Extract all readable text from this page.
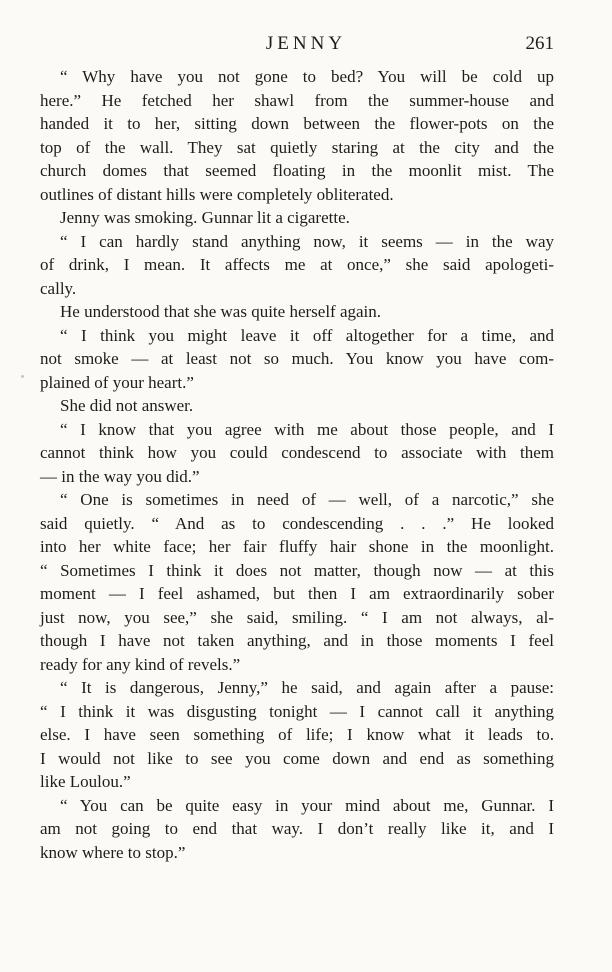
JENNY	261
“ Why have you not gone to bed? You will be cold up
here.” He fetched her shawl from the summer-house and
handed it to her, sitting down between the flower-pots on the
top of the wall. They sat quietly staring at the city and the
church domes that seemed floating in the moonlit mist. The
outlines of distant hills were completely obliterated.
Jenny was smoking. Gunnar lit a cigarette.
“ I can hardly stand anything now, it seems — in the way
of drink, I mean. It affects me at once,” she said apologeti-
cally.
He understood that she was quite herself again.
“ I think you might leave it off altogether for a time, and
not smoke — at least not so much. You know you have com-
plained of your heart.”
She did not answer.
“ I know that you agree with me about those people, and I
cannot think how you could condescend to associate with them
— in the way you did.”
“ One is sometimes in need of — well, of a narcotic,” she
said quietly. “ And as to condescending . . .” He looked
into her white face; her fair fluffy hair shone in the moonlight.
“ Sometimes I think it does not matter, though now — at this
moment — I feel ashamed, but then I am extraordinarily sober
just now, you see,” she said, smiling. “ I am not always, al-
though I have not taken anything, and in those moments I feel
ready for any kind of revels.”
“ It is dangerous, Jenny,” he said, and again after a pause:
“ I think it was disgusting tonight — I cannot call it anything
else. I have seen something of life; I know what it leads to.
I would not like to see you come down and end as something
like Loulou.”
“ You can be quite easy in your mind about me, Gunnar. I
am not going to end that way. I don’t really like it, and I
know where to stop.”
